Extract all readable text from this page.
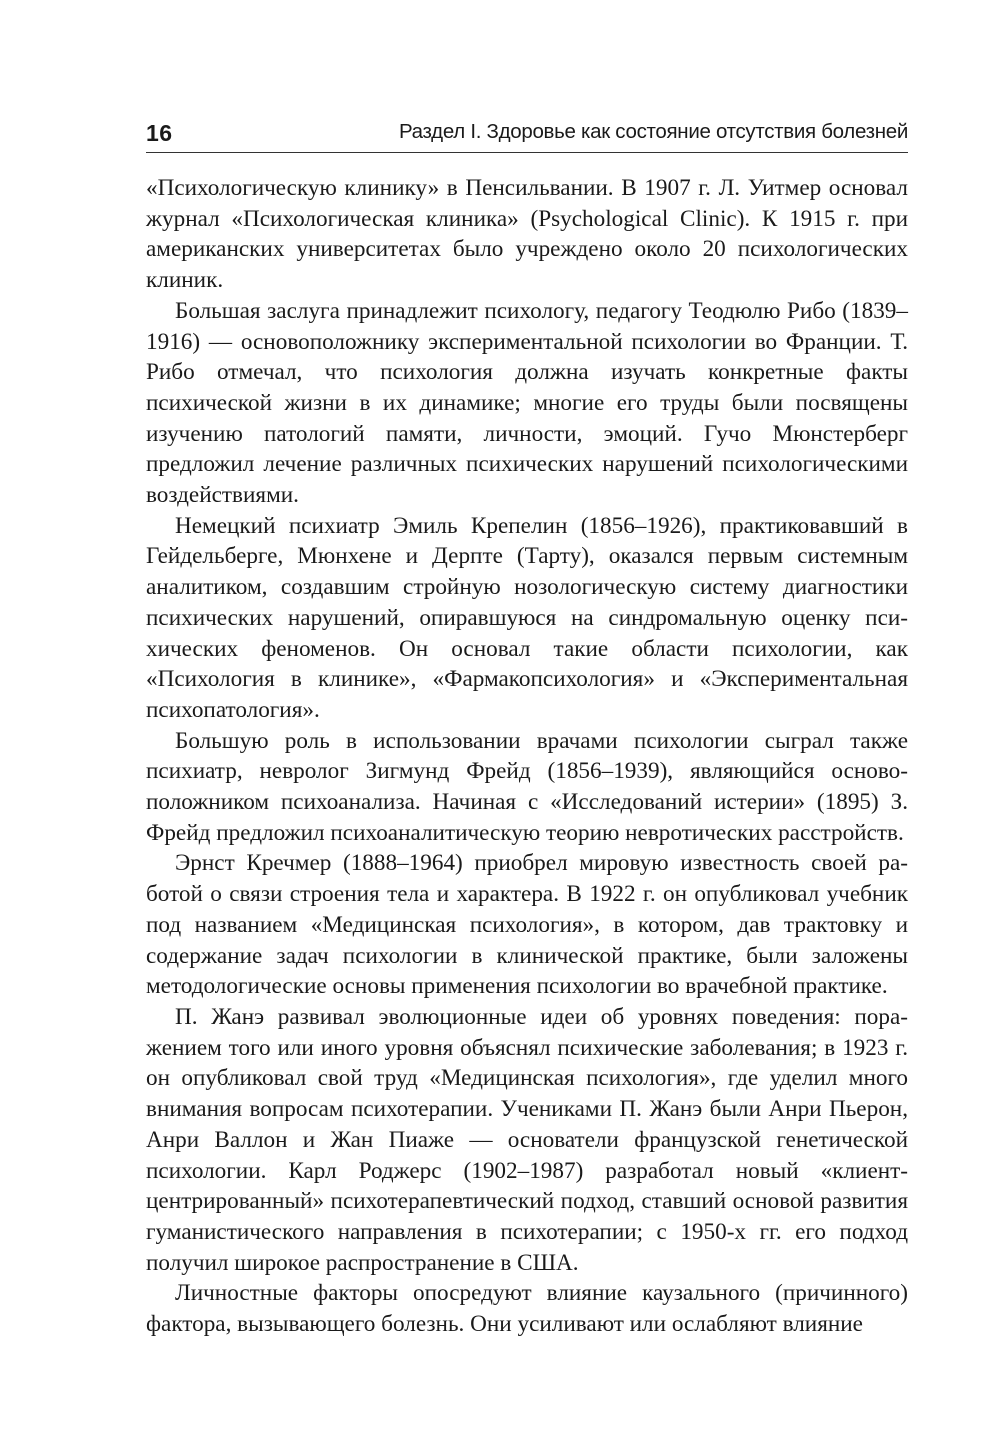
16	Раздел I. Здоровье как состояние отсутствия болезней

«Психологическую клинику» в Пенсильвании. В 1907 г. Л. Уитмер основал журнал «Психологическая клиника» (Psychological Clinic). К 1915 г. при американских университетах было учреждено около 20 психологических клиник.

Большая заслуга принадлежит психологу, педагогу Теодюлю Рибо (1839–1916) — основоположнику экспериментальной психологии во Франции. Т. Рибо отмечал, что психология должна изучать конкретные факты психической жизни в их динамике; многие его труды были посвящены изучению патологий памяти, личности, эмоций. Гучо Мюнстерберг предложил лечение различных психических нарушений психологическими воздействиями.

Немецкий психиатр Эмиль Крепелин (1856–1926), практиковавший в Гейдельберге, Мюнхене и Дерпте (Тарту), оказался первым системным аналитиком, создавшим стройную нозологическую систему диагностики психических нарушений, опиравшуюся на синдромальную оценку психических феноменов. Он основал такие области психологии, как «Психология в клинике», «Фармакопсихология» и «Экспериментальная психопатология».

Большую роль в использовании врачами психологии сыграл также психиатр, невролог Зигмунд Фрейд (1856–1939), являющийся основоположником психоанализа. Начиная с «Исследований истерии» (1895) З. Фрейд предложил психоаналитическую теорию невротических расстройств.

Эрнст Кречмер (1888–1964) приобрел мировую известность своей работой о связи строения тела и характера. В 1922 г. он опубликовал учебник под названием «Медицинская психология», в котором, дав трактовку и содержание задач психологии в клинической практике, были заложены методологические основы применения психологии во врачебной практике.

П. Жанэ развивал эволюционные идеи об уровнях поведения: поражением того или иного уровня объяснял психические заболевания; в 1923 г. он опубликовал свой труд «Медицинская психология», где уделил много внимания вопросам психотерапии. Учениками П. Жанэ были Анри Пьерон, Анри Валлон и Жан Пиаже — основатели французской генетической психологии. Карл Роджерс (1902–1987) разработал новый «клиент-центрированный» психотерапевтический подход, ставший основой развития гуманистического направления в психотерапии; с 1950-х гг. его подход получил широкое распространение в США.

Личностные факторы опосредуют влияние каузального (причинного) фактора, вызывающего болезнь. Они усиливают или ослабляют влияние
